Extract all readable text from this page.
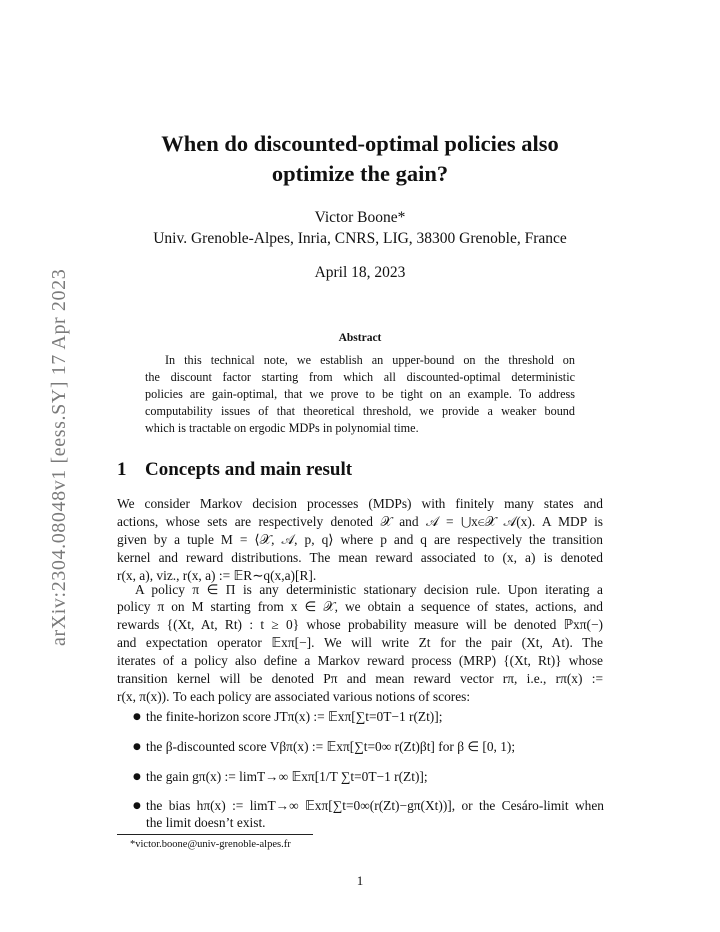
arXiv:2304.08048v1 [eess.SY] 17 Apr 2023
When do discounted-optimal policies also
optimize the gain?
Victor Boone*
Univ. Grenoble-Alpes, Inria, CNRS, LIG, 38300 Grenoble, France
April 18, 2023
Abstract
In this technical note, we establish an upper-bound on the threshold on
the discount factor starting from which all discounted-optimal deterministic
policies are gain-optimal, that we prove to be tight on an example. To address
computability issues of that theoretical threshold, we provide a weaker bound
which is tractable on ergodic MDPs in polynomial time.
1 Concepts and main result
We consider Markov decision processes (MDPs) with finitely many states and
actions, whose sets are respectively denoted 𝒳 and 𝒜 = ⋃x∈𝒳 𝒜(x). A MDP is
given by a tuple M = ⟨𝒳, 𝒜, p, q⟩ where p and q are respectively the transition
kernel and reward distributions. The mean reward associated to (x, a) is denoted
r(x, a), viz., r(x, a) := 𝔼R∼q(x,a)[R].
A policy π ∈ Π is any deterministic stationary decision rule. Upon iterating a
policy π on M starting from x ∈ 𝒳, we obtain a sequence of states, actions, and
rewards {(Xt, At, Rt) : t ≥ 0} whose probability measure will be denoted ℙxπ(−)
and expectation operator 𝔼xπ[−]. We will write Zt for the pair (Xt, At). The
iterates of a policy also define a Markov reward process (MRP) {(Xt, Rt)} whose
transition kernel will be denoted Pπ and mean reward vector rπ, i.e., rπ(x) :=
r(x, π(x)). To each policy are associated various notions of scores:
● the finite-horizon score JTπ(x) := 𝔼xπ[∑t=0T−1 r(Zt)];
● the β-discounted score Vβπ(x) := 𝔼xπ[∑t=0∞ r(Zt)βt] for β ∈ [0, 1);
● the gain gπ(x) := limT→∞ 𝔼xπ[1/T ∑t=0T−1 r(Zt)];
● the bias hπ(x) := limT→∞ 𝔼xπ[∑t=0∞(r(Zt)−gπ(Xt))], or the Cesáro-limit when
the limit doesn’t exist.
*victor.boone@univ-grenoble-alpes.fr
1
